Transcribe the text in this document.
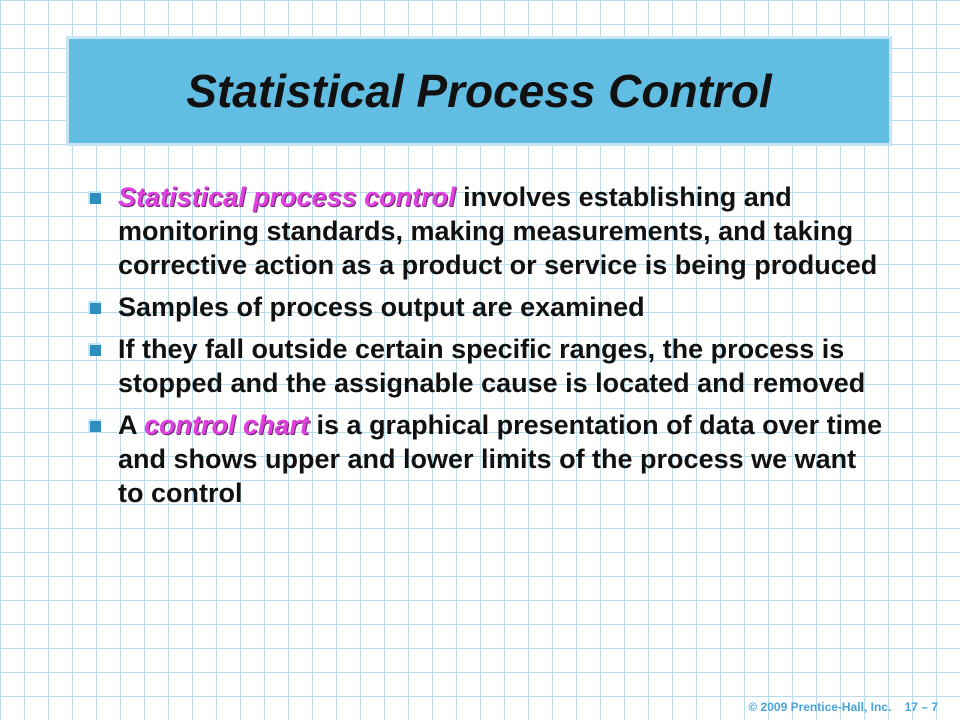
Statistical Process Control
Statistical process control involves establishing and monitoring standards, making measurements, and taking corrective action as a product or service is being produced
Samples of process output are examined
If they fall outside certain specific ranges, the process is stopped and the assignable cause is located and removed
A control chart is a graphical presentation of data over time and shows upper and lower limits of the process we want to control
© 2009 Prentice-Hall, Inc. 17 – 7
